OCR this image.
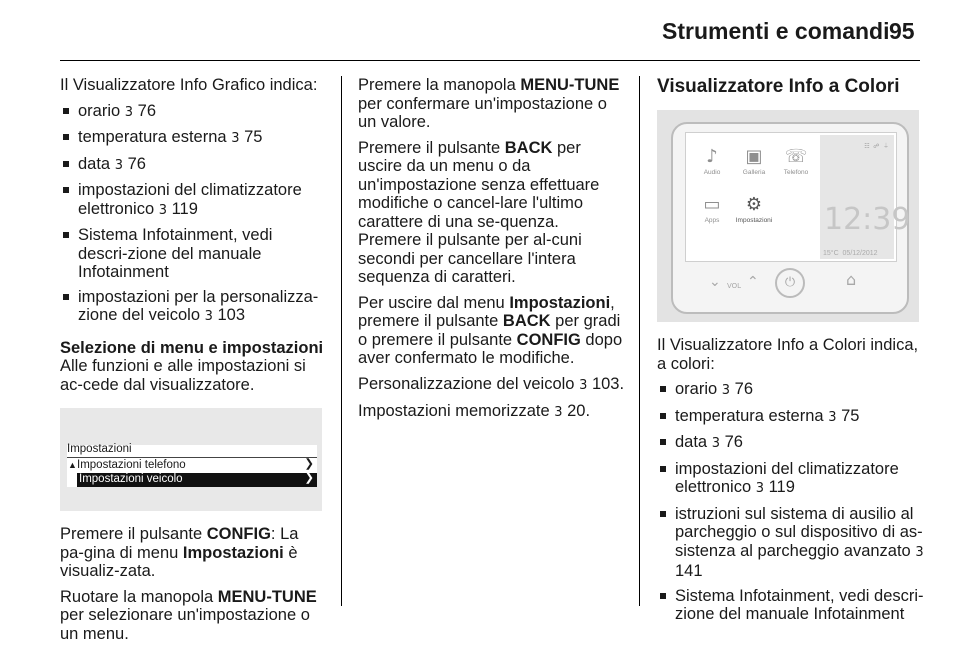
Strumenti e comandi 95

Il Visualizzatore Info Grafico indica:

orario 3 76
temperatura esterna 3 75
data 3 76
impostazioni del climatizzatore elettronico 3 119
Sistema Infotainment, vedi descri-zione del manuale Infotainment
impostazioni per la personalizza-zione del veicolo 3 103

Selezione di menu e impostazioni

Alle funzioni e alle impostazioni si ac-cede dal visualizzatore.

Impostazioni
▲ Impostazioni telefono	❯
Impostazioni veicolo	❯

Premere il pulsante CONFIG: La pa-gina di menu Impostazioni è visualiz-zata.

Ruotare la manopola MENU-TUNE per selezionare un'impostazione o un menu.

Premere la manopola MENU-TUNE per confermare un'impostazione o un valore.

Premere il pulsante BACK per uscire da un menu o da un'impostazione senza effettuare modifiche o cancel-lare l'ultimo carattere di una se-quenza. Premere il pulsante per al-cuni secondi per cancellare l'intera sequenza di caratteri.

Per uscire dal menu Impostazioni, premere il pulsante BACK per gradi o premere il pulsante CONFIG dopo aver confermato le modifiche.

Personalizzazione del veicolo 3 103.

Impostazioni memorizzate 3 20.

Visualizzatore Info a Colori
♪
Audio
▣
Galleria
☏
Telefono
▭
Apps
⚙
Impostazioni
☷ ☍ ⏚
12:39
15°C 05/12/2012
⌄ VOL ⌃	⏻	⌂

Il Visualizzatore Info a Colori indica, a colori:

orario 3 76
temperatura esterna 3 75
data 3 76
impostazioni del climatizzatore elettronico 3 119
istruzioni sul sistema di ausilio al parcheggio o sul dispositivo di as-sistenza al parcheggio avanzato 3 141
Sistema Infotainment, vedi descri-zione del manuale Infotainment
